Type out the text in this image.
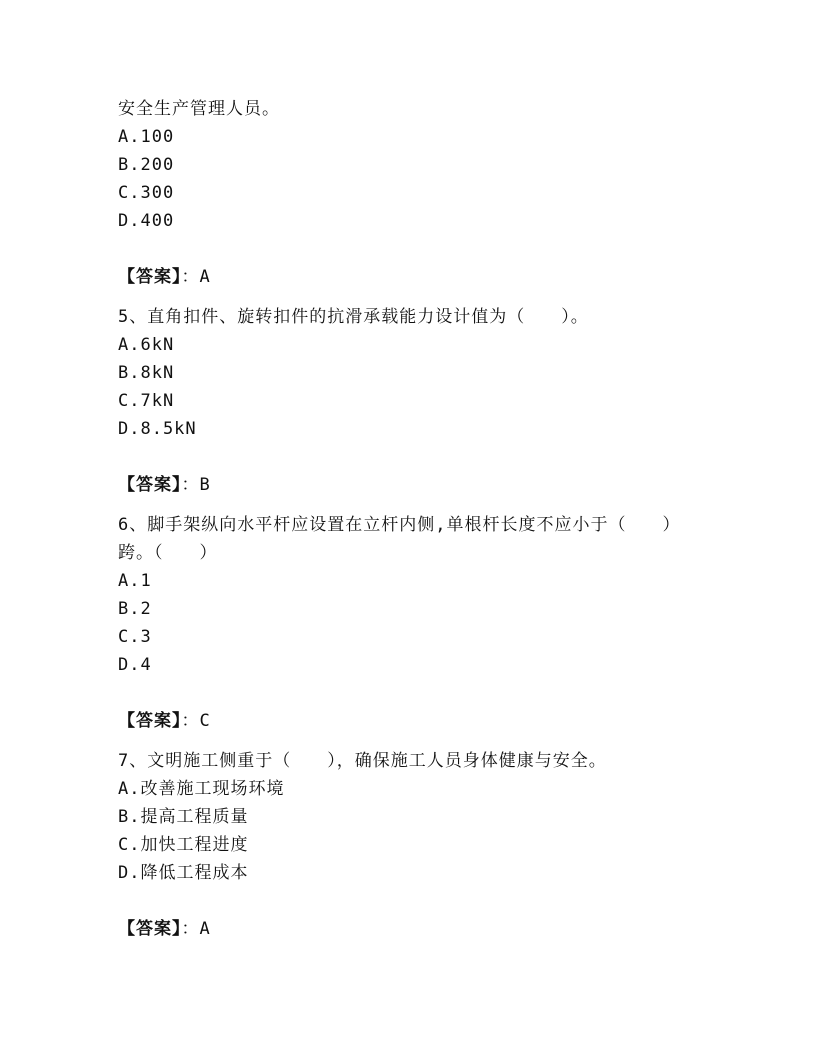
安全生产管理人员。
A.100
B.200
C.300
D.400
【答案】：A
5、直角扣件、旋转扣件的抗滑承载能力设计值为（　　）。
A.6kN
B.8kN
C.7kN
D.8.5kN
【答案】：B
6、脚手架纵向水平杆应设置在立杆内侧,单根杆长度不应小于（　　）
跨。（　　）
A.1
B.2
C.3
D.4
【答案】：C
7、文明施工侧重于（　　），确保施工人员身体健康与安全。
A.改善施工现场环境
B.提高工程质量
C.加快工程进度
D.降低工程成本
【答案】：A
